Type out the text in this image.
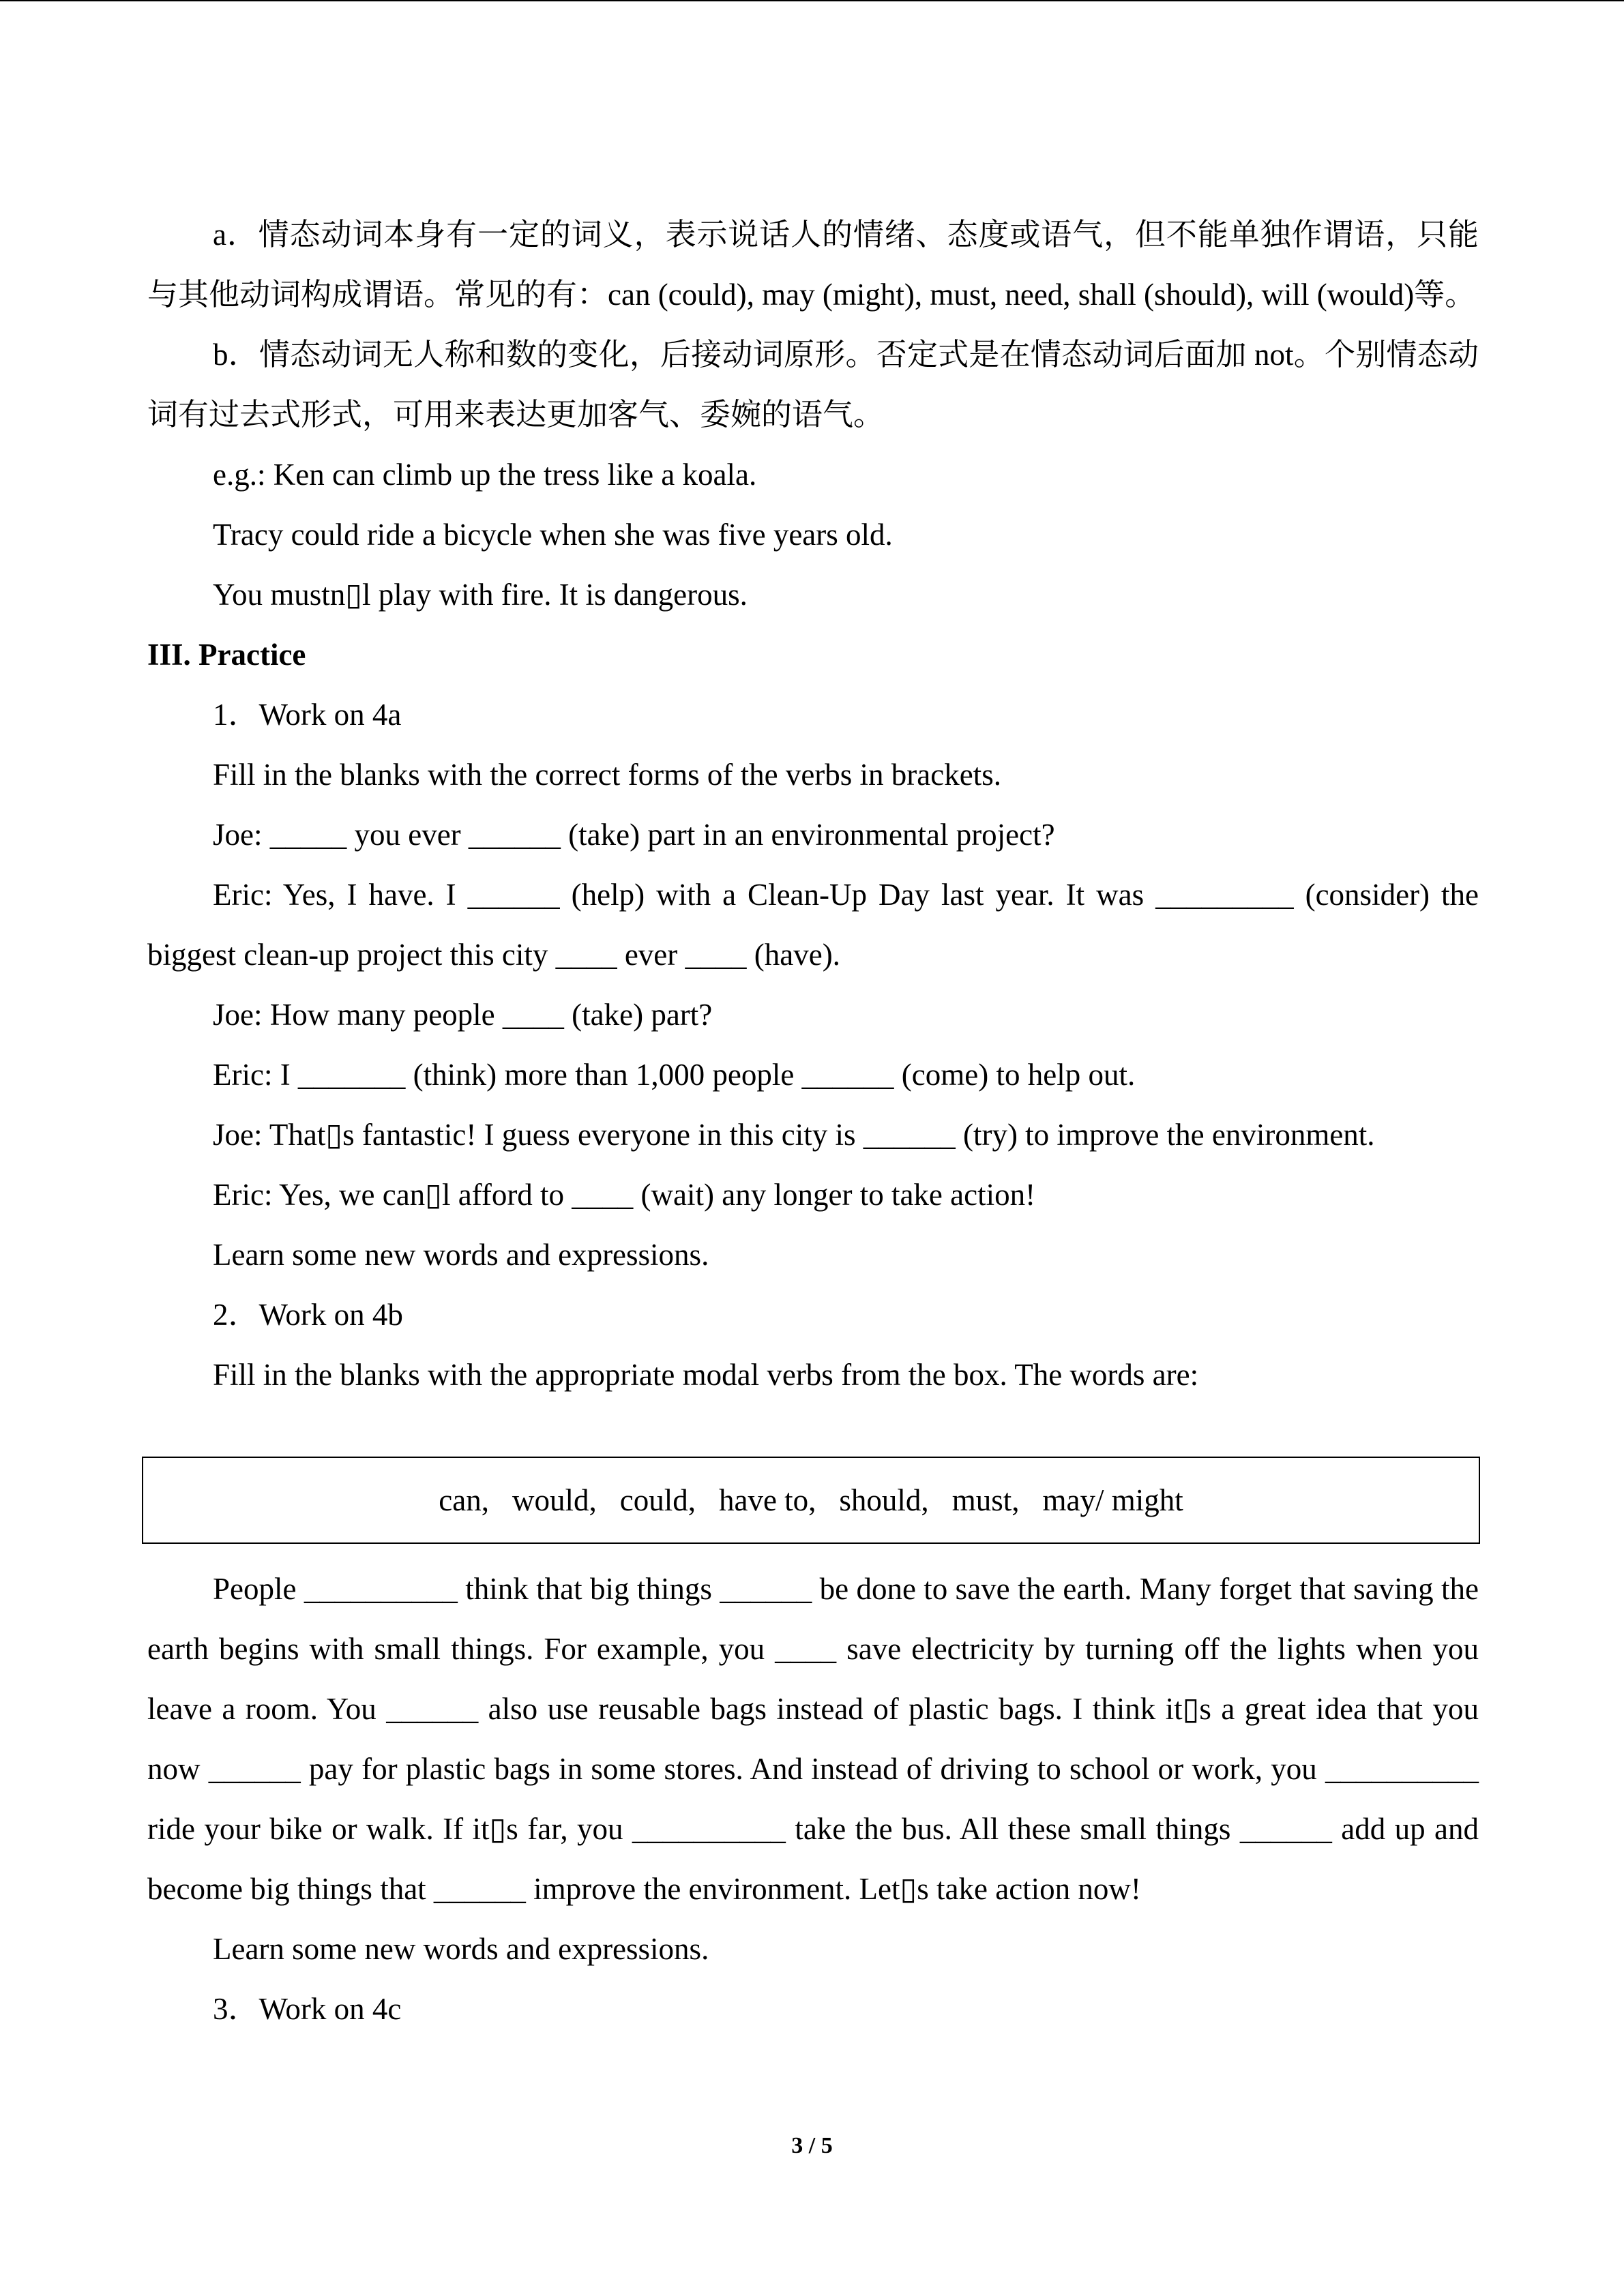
a．情态动词本身有一定的词义，表示说话人的情绪、态度或语气，但不能单独作谓语，只能与其他动词构成谓语。常见的有：can (could), may (might), must, need, shall (should), will (would)等。

b．情态动词无人称和数的变化，后接动词原形。否定式是在情态动词后面加 not。个别情态动词有过去式形式，可用来表达更加客气、委婉的语气。

e.g.: Ken can climb up the tress like a koala.

Tracy could ride a bicycle when she was five years old.

You mustn▯l play with fire. It is dangerous.

III. Practice

1．Work on 4a

Fill in the blanks with the correct forms of the verbs in brackets.

Joe: _____ you ever ______ (take) part in an environmental project?

Eric: Yes, I have. I ______ (help) with a Clean-Up Day last year. It was _________ (consider) the biggest clean-up project this city ____ ever ____ (have).

Joe: How many people ____ (take) part?

Eric: I _______ (think) more than 1,000 people ______ (come) to help out.

Joe: That▯s fantastic! I guess everyone in this city is ______ (try) to improve the environment.

Eric: Yes, we can▯l afford to ____ (wait) any longer to take action!

Learn some new words and expressions.

2．Work on 4b

Fill in the blanks with the appropriate modal verbs from the box. The words are:

can, would, could, have to, should, must, may/ might

People __________ think that big things ______ be done to save the earth. Many forget that saving the earth begins with small things. For example, you ____ save electricity by turning off the lights when you leave a room. You ______ also use reusable bags instead of plastic bags. I think it▯s a great idea that you now ______ pay for plastic bags in some stores. And instead of driving to school or work, you __________ ride your bike or walk. If it▯s far, you __________ take the bus. All these small things ______ add up and become big things that ______ improve the environment. Let▯s take action now!

Learn some new words and expressions.

3．Work on 4c

3 / 5
